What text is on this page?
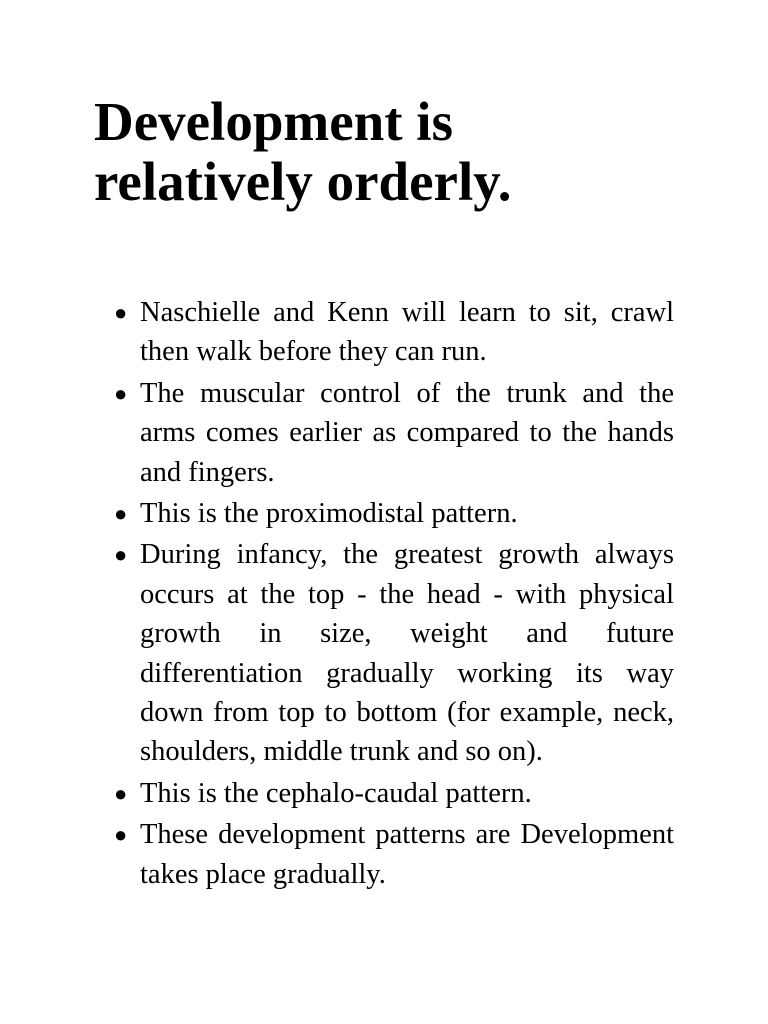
Development is
relatively orderly.
● Naschielle and Kenn will learn to sit, crawl then walk before they can run.
● The muscular control of the trunk and the arms comes earlier as compared to the hands and fingers.
● This is the proximodistal pattern.
● During infancy, the greatest growth always occurs at the top - the head - with physical growth in size, weight and future differentiation gradually working its way down from top to bottom (for example, neck, shoulders, middle trunk and so on).
● This is the cephalo-caudal pattern.
● These development patterns are Development takes place gradually.
